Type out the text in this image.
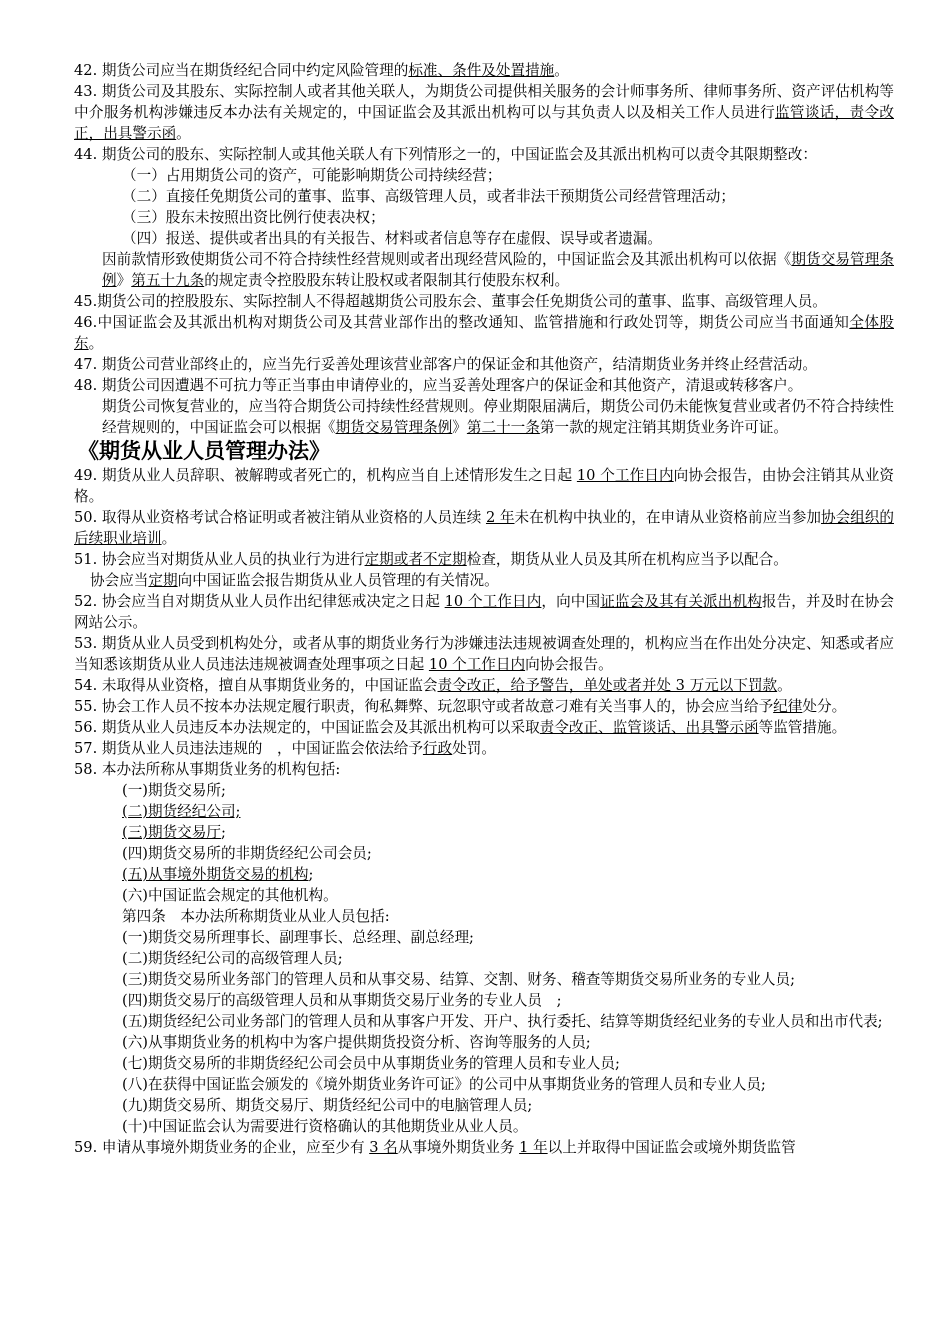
42. 期货公司应当在期货经纪合同中约定风险管理的标准、条件及处置措施。

43. 期货公司及其股东、实际控制人或者其他关联人，为期货公司提供相关服务的会计师事务所、律师事务所、资产评估机构等中介服务机构涉嫌违反本办法有关规定的，中国证监会及其派出机构可以与其负责人以及相关工作人员进行监管谈话，责令改正，出具警示函。

44. 期货公司的股东、实际控制人或其他关联人有下列情形之一的，中国证监会及其派出机构可以责令其限期整改：

（一）占用期货公司的资产，可能影响期货公司持续经营；

（二）直接任免期货公司的董事、监事、高级管理人员，或者非法干预期货公司经营管理活动；

（三）股东未按照出资比例行使表决权；

（四）报送、提供或者出具的有关报告、材料或者信息等存在虚假、误导或者遗漏。

因前款情形致使期货公司不符合持续性经营规则或者出现经营风险的，中国证监会及其派出机构可以依据《期货交易管理条例》第五十九条的规定责令控股股东转让股权或者限制其行使股东权利。

45.期货公司的控股股东、实际控制人不得超越期货公司股东会、董事会任免期货公司的董事、监事、高级管理人员。

46.中国证监会及其派出机构对期货公司及其营业部作出的整改通知、监管措施和行政处罚等，期货公司应当书面通知全体股东。

47. 期货公司营业部终止的，应当先行妥善处理该营业部客户的保证金和其他资产，结清期货业务并终止经营活动。

48. 期货公司因遭遇不可抗力等正当事由申请停业的，应当妥善处理客户的保证金和其他资产，清退或转移客户。

期货公司恢复营业的，应当符合期货公司持续性经营规则。停业期限届满后，期货公司仍未能恢复营业或者仍不符合持续性经营规则的，中国证监会可以根据《期货交易管理条例》第二十一条第一款的规定注销其期货业务许可证。

《期货从业人员管理办法》

49. 期货从业人员辞职、被解聘或者死亡的，机构应当自上述情形发生之日起 10 个工作日内向协会报告，由协会注销其从业资格。

50. 取得从业资格考试合格证明或者被注销从业资格的人员连续 2 年未在机构中执业的，在申请从业资格前应当参加协会组织的后续职业培训。

51. 协会应当对期货从业人员的执业行为进行定期或者不定期检查，期货从业人员及其所在机构应当予以配合。

协会应当定期向中国证监会报告期货从业人员管理的有关情况。

52. 协会应当自对期货从业人员作出纪律惩戒决定之日起 10 个工作日内，向中国证监会及其有关派出机构报告，并及时在协会网站公示。

53. 期货从业人员受到机构处分，或者从事的期货业务行为涉嫌违法违规被调查处理的，机构应当在作出处分决定、知悉或者应当知悉该期货从业人员违法违规被调查处理事项之日起 10 个工作日内向协会报告。

54. 未取得从业资格，擅自从事期货业务的，中国证监会责令改正，给予警告，单处或者并处 3 万元以下罚款。

55. 协会工作人员不按本办法规定履行职责，徇私舞弊、玩忽职守或者故意刁难有关当事人的，协会应当给予纪律处分。

56. 期货从业人员违反本办法规定的，中国证监会及其派出机构可以采取责令改正、监管谈话、出具警示函等监管措施。

57. 期货从业人员违法违规的　，中国证监会依法给予行政处罚。

58. 本办法所称从事期货业务的机构包括:

(一)期货交易所;

(二)期货经纪公司;

(三)期货交易厅;

(四)期货交易所的非期货经纪公司会员;

(五)从事境外期货交易的机构;

(六)中国证监会规定的其他机构。

第四条　本办法所称期货业从业人员包括:

(一)期货交易所理事长、副理事长、总经理、副总经理;

(二)期货经纪公司的高级管理人员;

(三)期货交易所业务部门的管理人员和从事交易、结算、交割、财务、稽查等期货交易所业务的专业人员;

(四)期货交易厅的高级管理人员和从事期货交易厅业务的专业人员　;

(五)期货经纪公司业务部门的管理人员和从事客户开发、开户、执行委托、结算等期货经纪业务的专业人员和出市代表;

(六)从事期货业务的机构中为客户提供期货投资分析、咨询等服务的人员;

(七)期货交易所的非期货经纪公司会员中从事期货业务的管理人员和专业人员;

(八)在获得中国证监会颁发的《境外期货业务许可证》的公司中从事期货业务的管理人员和专业人员;

(九)期货交易所、期货交易厅、期货经纪公司中的电脑管理人员;

(十)中国证监会认为需要进行资格确认的其他期货业从业人员。

59. 申请从事境外期货业务的企业，应至少有 3 名从事境外期货业务 1 年以上并取得中国证监会或境外期货监管
